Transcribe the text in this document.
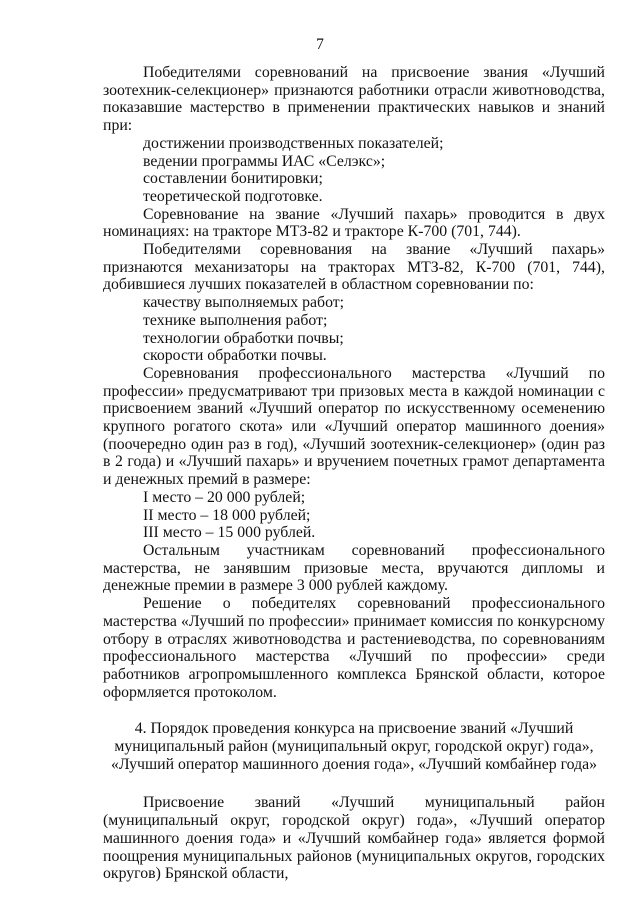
7

Победителями соревнований на присвоение звания «Лучший зоотехник-селекционер» признаются работники отрасли животноводства, показавшие мастерство в применении практических навыков и знаний при:

достижении производственных показателей;

ведении программы ИАС «Селэкс»;

составлении бонитировки;

теоретической подготовке.

Соревнование на звание «Лучший пахарь» проводится в двух номинациях: на тракторе МТЗ-82 и тракторе К-700 (701, 744).

Победителями соревнования на звание «Лучший пахарь» признаются механизаторы на тракторах МТЗ-82, К-700 (701, 744), добившиеся лучших показателей в областном соревновании по:

качеству выполняемых работ;

технике выполнения работ;

технологии обработки почвы;

скорости обработки почвы.

Соревнования профессионального мастерства «Лучший по профессии» предусматривают три призовых места в каждой номинации с присвоением званий «Лучший оператор по искусственному осеменению крупного рогатого скота» или «Лучший оператор машинного доения» (поочередно один раз в год), «Лучший зоотехник-селекционер» (один раз в 2 года) и «Лучший пахарь» и вручением почетных грамот департамента и денежных премий в размере:

I место – 20 000 рублей;

II место – 18 000 рублей;

III место – 15 000 рублей.

Остальным участникам соревнований профессионального мастерства, не занявшим призовые места, вручаются дипломы и денежные премии в размере 3 000 рублей каждому.

Решение о победителях соревнований профессионального мастерства «Лучший по профессии» принимает комиссия по конкурсному отбору в отраслях животноводства и растениеводства, по соревнованиям профессионального мастерства «Лучший по профессии» среди работников агропромышленного комплекса Брянской области, которое оформляется протоколом.

4. Порядок проведения конкурса на присвоение званий «Лучший
муниципальный район (муниципальный округ, городской округ) года»,
«Лучший оператор машинного доения года», «Лучший комбайнер года»

Присвоение званий «Лучший муниципальный район (муниципальный округ, городской округ) года», «Лучший оператор машинного доения года» и «Лучший комбайнер года» является формой поощрения муниципальных районов (муниципальных округов, городских округов) Брянской области,
